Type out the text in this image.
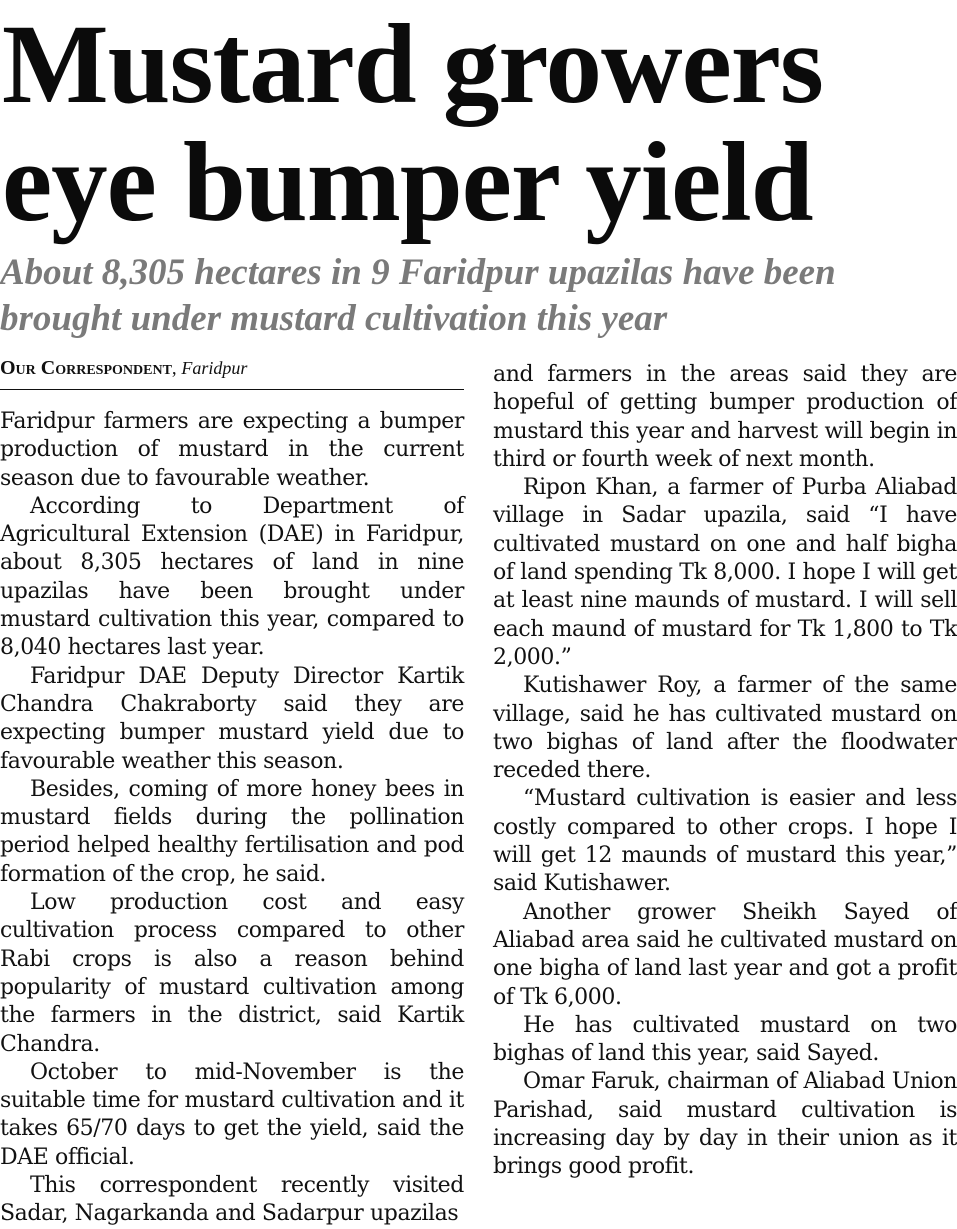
Mustard growers eye bumper yield
About 8,305 hectares in 9 Faridpur upazilas have been brought under mustard cultivation this year
Our Correspondent, Faridpur

Faridpur farmers are expecting a bumper production of mustard in the current season due to favourable weather.

According to Department of Agricultural Extension (DAE) in Faridpur, about 8,305 hectares of land in nine upazilas have been brought under mustard cultivation this year, compared to 8,040 hectares last year.

Faridpur DAE Deputy Director Kartik Chandra Chakraborty said they are expecting bumper mustard yield due to favourable weather this season.

Besides, coming of more honey bees in mustard fields during the pollination period helped healthy fertilisation and pod formation of the crop, he said.

Low production cost and easy cultivation process compared to other Rabi crops is also a reason behind popularity of mustard cultivation among the farmers in the district, said Kartik Chandra.

October to mid-November is the suitable time for mustard cultivation and it takes 65/70 days to get the yield, said the DAE official.

This correspondent recently visited Sadar, Nagarkanda and Sadarpur upazilas

and farmers in the areas said they are hopeful of getting bumper production of mustard this year and harvest will begin in third or fourth week of next month.

Ripon Khan, a farmer of Purba Aliabad village in Sadar upazila, said “I have cultivated mustard on one and half bigha of land spending Tk 8,000. I hope I will get at least nine maunds of mustard. I will sell each maund of mustard for Tk 1,800 to Tk 2,000.”

Kutishawer Roy, a farmer of the same village, said he has cultivated mustard on two bighas of land after the floodwater receded there.

“Mustard cultivation is easier and less costly compared to other crops. I hope I will get 12 maunds of mustard this year,” said Kutishawer.

Another grower Sheikh Sayed of Aliabad area said he cultivated mustard on one bigha of land last year and got a profit of Tk 6,000.

He has cultivated mustard on two bighas of land this year, said Sayed.

Omar Faruk, chairman of Aliabad Union Parishad, said mustard cultivation is increasing day by day in their union as it brings good profit.
